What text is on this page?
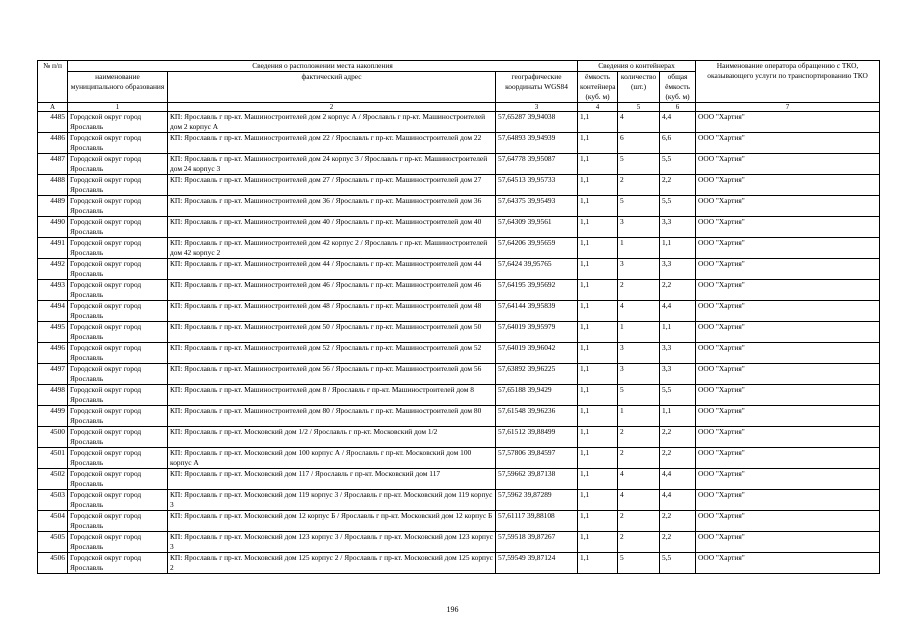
№ п/п	Сведения о расположении места накопления			Сведения о контейнерах			Наименование оператора обращению с ТКО, оказывающего услуги по транспортированию ТКО
	наименование муниципального образования	фактический адрес	географические координаты WGS84	ёмкость контейнера (куб. м)	количество (шт.)	общая ёмкость (куб. м)	
А	1	2	3	4	5	6	7
4485	Городской округ город Ярославль	КП: Ярославль г пр-кт. Машиностроителей дом 2 корпус А / Ярославль г пр-кт. Машиностроителей дом 2 корпус А	57,65287 39,94038	1,1	4	4,4	ООО "Хартия"
4486	Городской округ город Ярославль	КП: Ярославль г пр-кт. Машиностроителей дом 22 / Ярославль г пр-кт. Машиностроителей дом 22	57,64893 39,94939	1,1	6	6,6	ООО "Хартия"
4487	Городской округ город Ярославль	КП: Ярославль г пр-кт. Машиностроителей дом 24 корпус 3 / Ярославль г пр-кт. Машиностроителей дом 24 корпус 3	57,64778 39,95087	1,1	5	5,5	ООО "Хартия"
4488	Городской округ город Ярославль	КП: Ярославль г пр-кт. Машиностроителей дом 27 / Ярославль г пр-кт. Машиностроителей дом 27	57,64513 39,95733	1,1	2	2,2	ООО "Хартия"
4489	Городской округ город Ярославль	КП: Ярославль г пр-кт. Машиностроителей дом 36 / Ярославль г пр-кт. Машиностроителей дом 36	57,64375 39,95493	1,1	5	5,5	ООО "Хартия"
4490	Городской округ город Ярославль	КП: Ярославль г пр-кт. Машиностроителей дом 40 / Ярославль г пр-кт. Машиностроителей дом 40	57,64309 39,9561	1,1	3	3,3	ООО "Хартия"
4491	Городской округ город Ярославль	КП: Ярославль г пр-кт. Машиностроителей дом 42 корпус 2 / Ярославль г пр-кт. Машиностроителей дом 42 корпус 2	57,64206 39,95659	1,1	1	1,1	ООО "Хартия"
4492	Городской округ город Ярославль	КП: Ярославль г пр-кт. Машиностроителей дом 44 / Ярославль г пр-кт. Машиностроителей дом 44	57,6424 39,95765	1,1	3	3,3	ООО "Хартия"
4493	Городской округ город Ярославль	КП: Ярославль г пр-кт. Машиностроителей дом 46 / Ярославль г пр-кт. Машиностроителей дом 46	57,64195 39,95692	1,1	2	2,2	ООО "Хартия"
4494	Городской округ город Ярославль	КП: Ярославль г пр-кт. Машиностроителей дом 48 / Ярославль г пр-кт. Машиностроителей дом 48	57,64144 39,95839	1,1	4	4,4	ООО "Хартия"
4495	Городской округ город Ярославль	КП: Ярославль г пр-кт. Машиностроителей дом 50 / Ярославль г пр-кт. Машиностроителей дом 50	57,64019 39,95979	1,1	1	1,1	ООО "Хартия"
4496	Городской округ город Ярославль	КП: Ярославль г пр-кт. Машиностроителей дом 52 / Ярославль г пр-кт. Машиностроителей дом 52	57,64019 39,96042	1,1	3	3,3	ООО "Хартия"
4497	Городской округ город Ярославль	КП: Ярославль г пр-кт. Машиностроителей дом 56 / Ярославль г пр-кт. Машиностроителей дом 56	57,63892 39,96225	1,1	3	3,3	ООО "Хартия"
4498	Городской округ город Ярославль	КП: Ярославль г пр-кт. Машиностроителей дом 8 / Ярославль г пр-кт. Машиностроителей дом 8	57,65188 39,9429	1,1	5	5,5	ООО "Хартия"
4499	Городской округ город Ярославль	КП: Ярославль г пр-кт. Машиностроителей дом 80 / Ярославль г пр-кт. Машиностроителей дом 80	57,61548 39,96236	1,1	1	1,1	ООО "Хартия"
4500	Городской округ город Ярославль	КП: Ярославль г пр-кт. Московский дом 1/2 / Ярославль г пр-кт. Московский дом 1/2	57,61512 39,88499	1,1	2	2,2	ООО "Хартия"
4501	Городской округ город Ярославль	КП: Ярославль г пр-кт. Московский дом 100 корпус А / Ярославль г пр-кт. Московский дом 100 корпус А	57,57806 39,84597	1,1	2	2,2	ООО "Хартия"
4502	Городской округ город Ярославль	КП: Ярославль г пр-кт. Московский дом 117 / Ярославль г пр-кт. Московский дом 117	57,59662 39,87138	1,1	4	4,4	ООО "Хартия"
4503	Городской округ город Ярославль	КП: Ярославль г пр-кт. Московский дом 119 корпус 3 / Ярославль г пр-кт. Московский дом 119 корпус 3	57,5962 39,87289	1,1	4	4,4	ООО "Хартия"
4504	Городской округ город Ярославль	КП: Ярославль г пр-кт. Московский дом 12 корпус Б / Ярославль г пр-кт. Московский дом 12 корпус Б	57,61117 39,88108	1,1	2	2,2	ООО "Хартия"
4505	Городской округ город Ярославль	КП: Ярославль г пр-кт. Московский дом 123 корпус 3 / Ярославль г пр-кт. Московский дом 123 корпус 3	57,59518 39,87267	1,1	2	2,2	ООО "Хартия"
4506	Городской округ город Ярославль	КП: Ярославль г пр-кт. Московский дом 125 корпус 2 / Ярославль г пр-кт. Московский дом 125 корпус 2	57,59549 39,87124	1,1	5	5,5	ООО "Хартия"
196
